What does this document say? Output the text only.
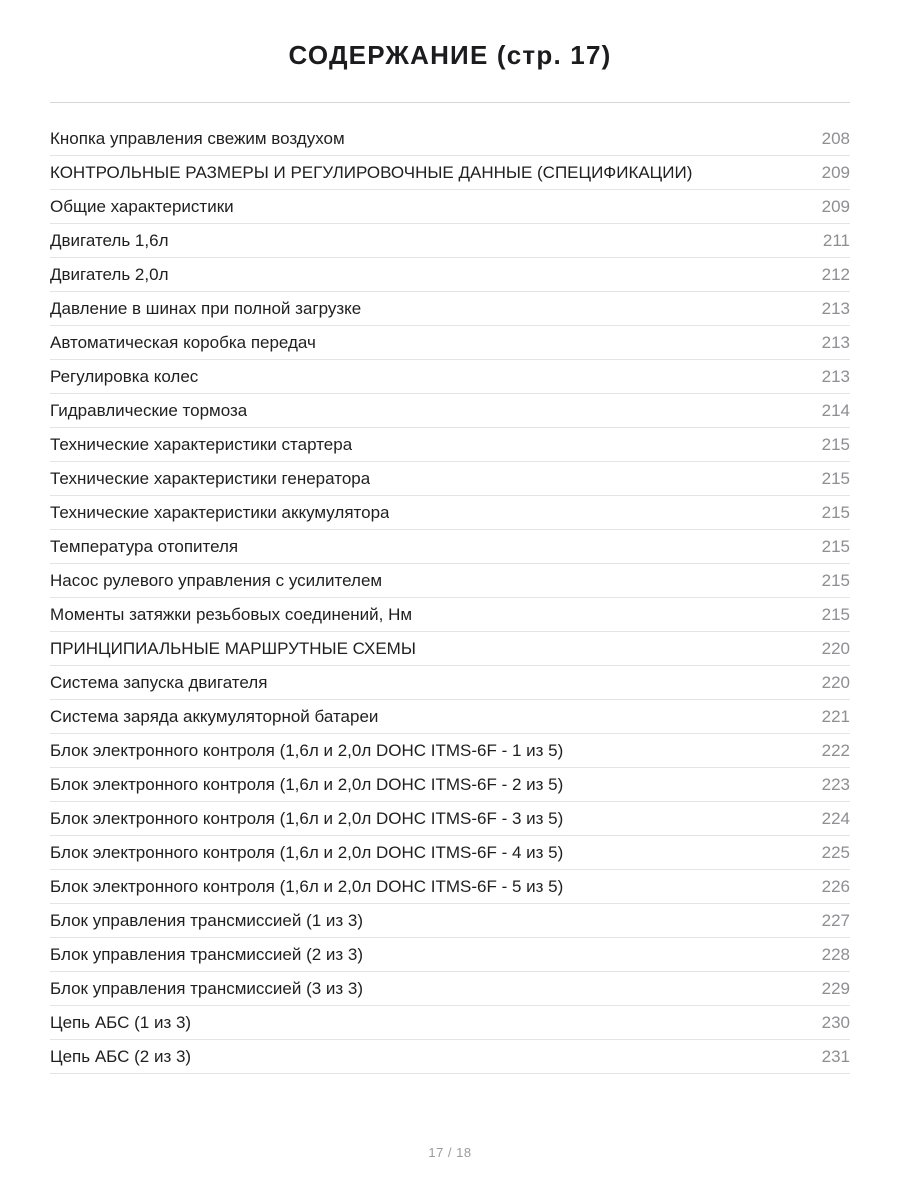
СОДЕРЖАНИЕ (стр. 17)
Кнопка управления свежим воздухом	208
КОНТРОЛЬНЫЕ РАЗМЕРЫ И РЕГУЛИРОВОЧНЫЕ ДАННЫЕ (СПЕЦИФИКАЦИИ)	209
Общие характеристики	209
Двигатель 1,6л	211
Двигатель 2,0л	212
Давление в шинах при полной загрузке	213
Автоматическая коробка передач	213
Регулировка колес	213
Гидравлические тормоза	214
Технические характеристики стартера	215
Технические характеристики генератора	215
Технические характеристики аккумулятора	215
Температура отопителя	215
Насос рулевого управления с усилителем	215
Моменты затяжки резьбовых соединений, Нм	215
ПРИНЦИПИАЛЬНЫЕ МАРШРУТНЫЕ СХЕМЫ	220
Система запуска двигателя	220
Система заряда аккумуляторной батареи	221
Блок электронного контроля (1,6л и 2,0л DOHC ITMS-6F - 1 из 5)	222
Блок электронного контроля (1,6л и 2,0л DOHC ITMS-6F - 2 из 5)	223
Блок электронного контроля (1,6л и 2,0л DOHC ITMS-6F - 3 из 5)	224
Блок электронного контроля (1,6л и 2,0л DOHC ITMS-6F - 4 из 5)	225
Блок электронного контроля (1,6л и 2,0л DOHC ITMS-6F - 5 из 5)	226
Блок управления трансмиссией (1 из 3)	227
Блок управления трансмиссией (2 из 3)	228
Блок управления трансмиссией (3 из 3)	229
Цепь АБС (1 из 3)	230
Цепь АБС (2 из 3)	231
17 / 18
